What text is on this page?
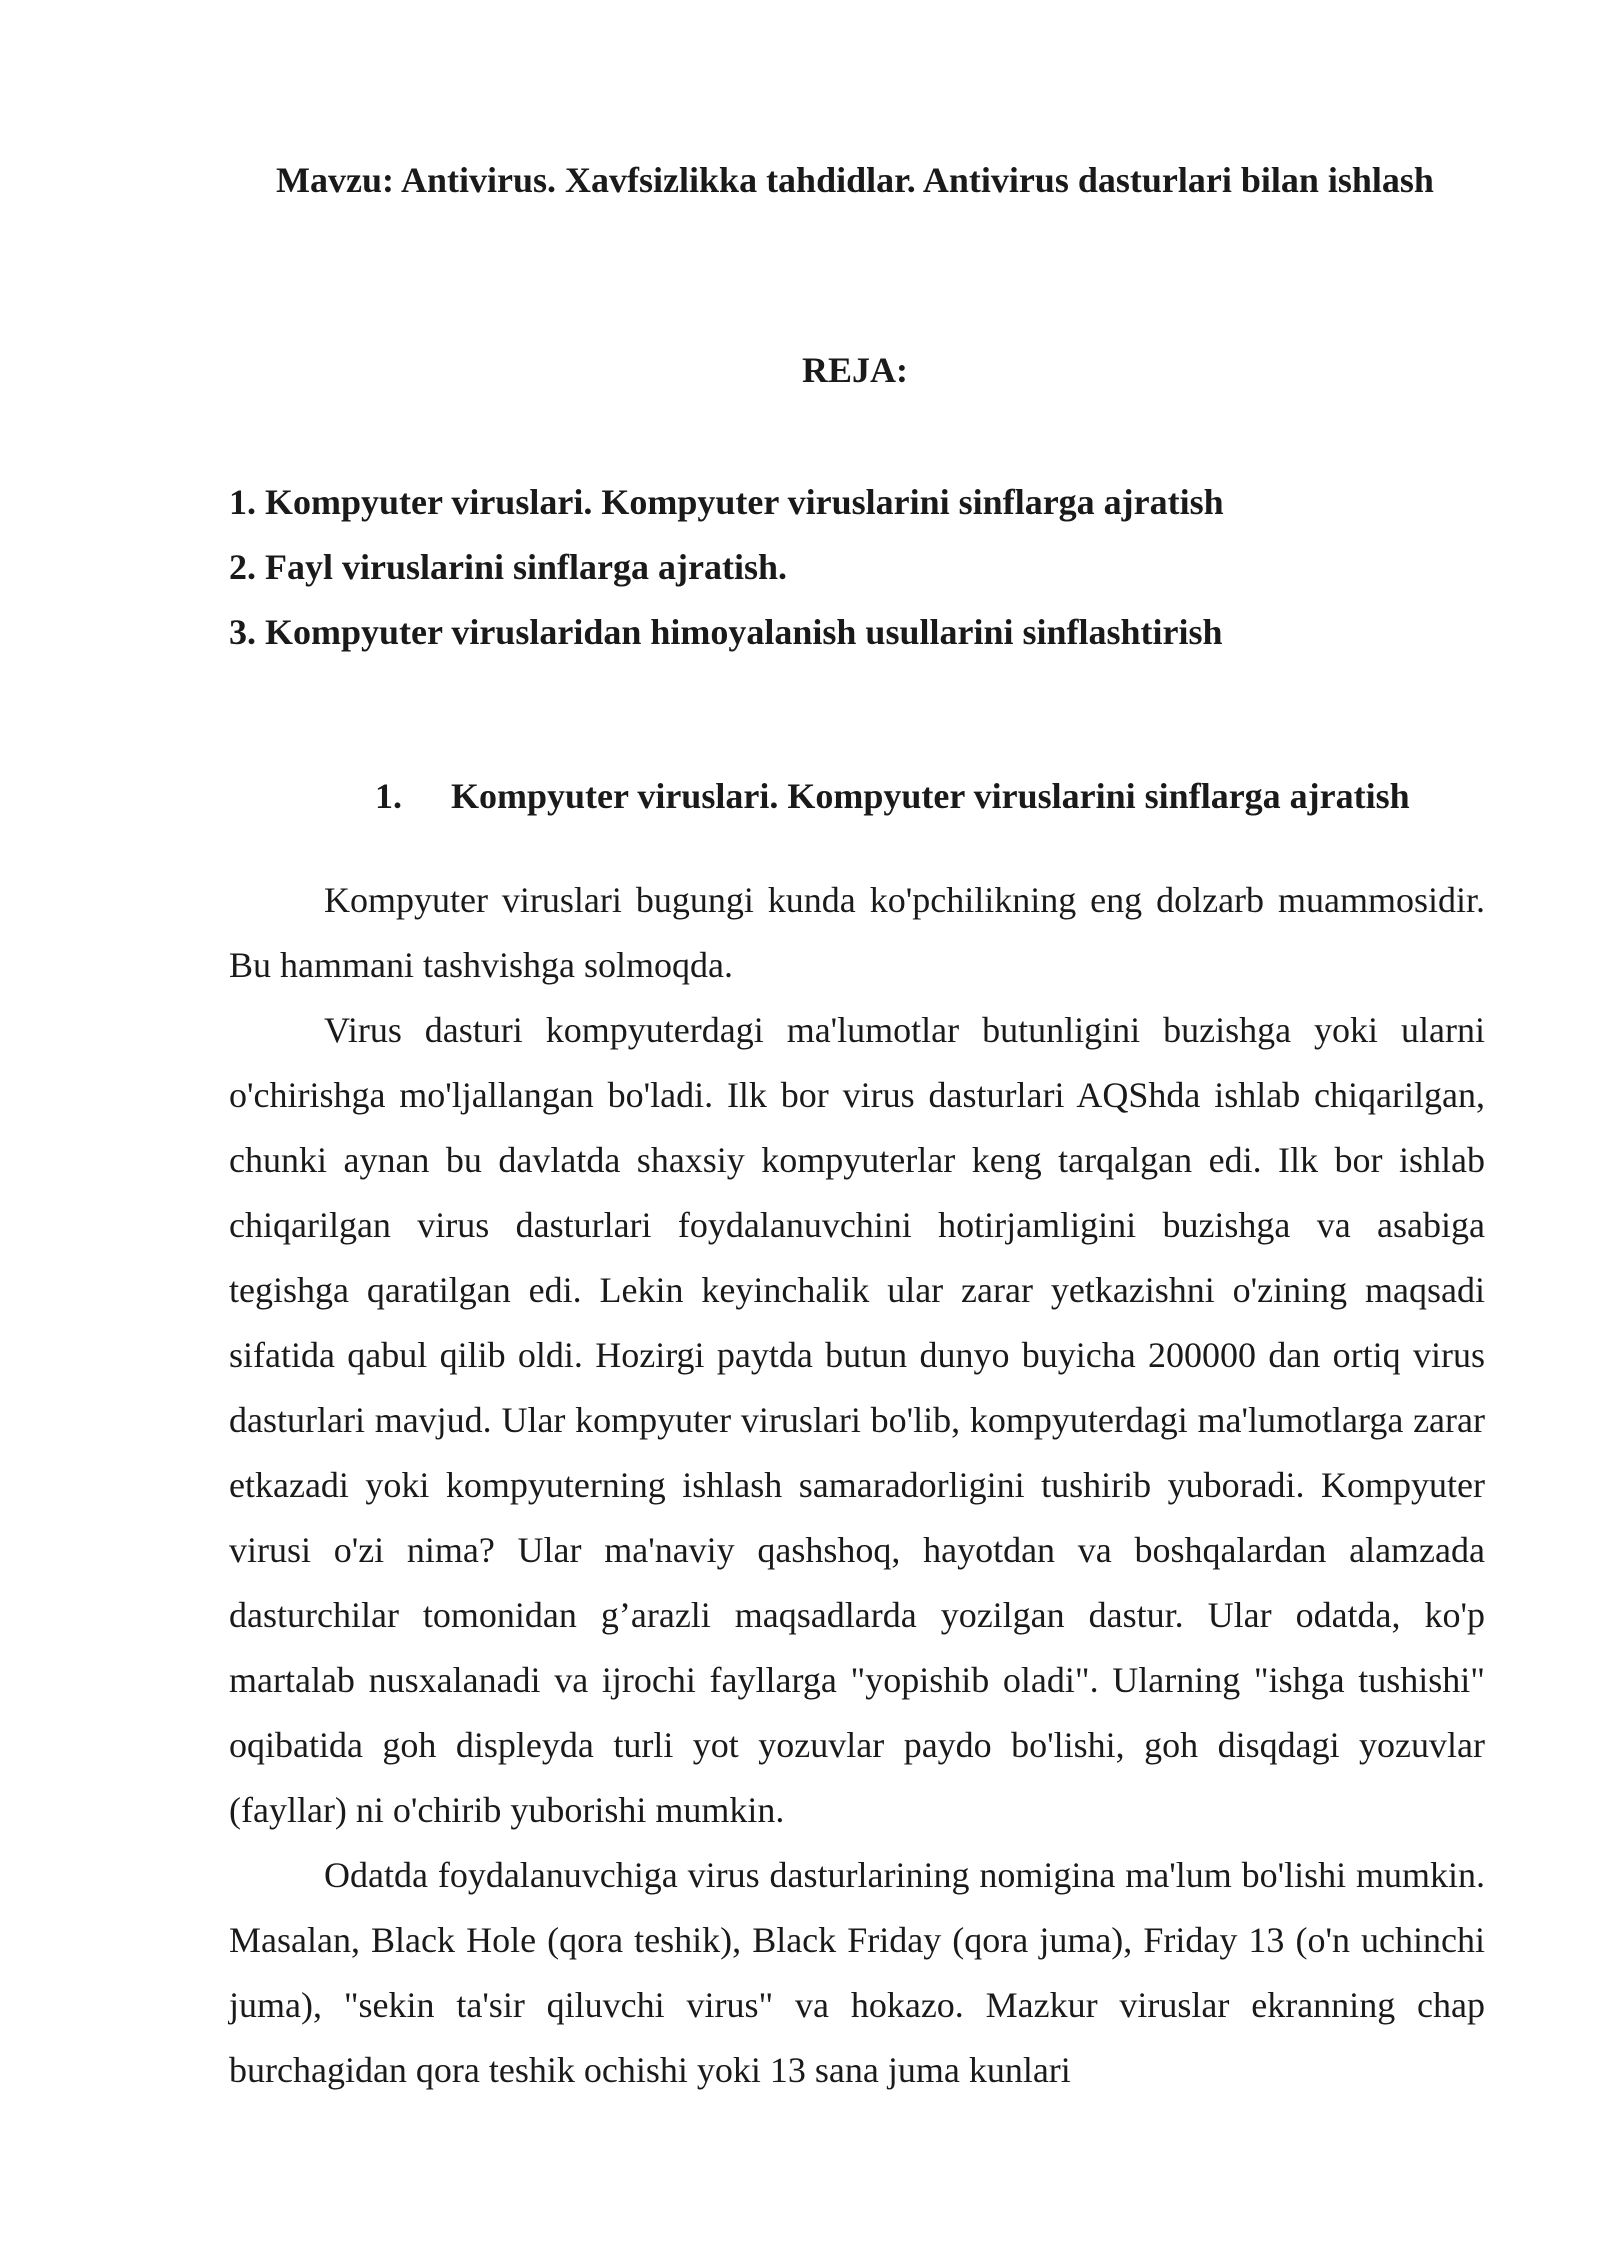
Mavzu: Antivirus. Xavfsizlikka tahdidlar. Antivirus dasturlari bilan ishlash
REJA:
1. Kompyuter viruslari. Kompyuter viruslarini sinflarga ajratish
2. Fayl viruslarini sinflarga ajratish.
3. Kompyuter viruslaridan himoyalanish usullarini sinflashtirish
1. Kompyuter viruslari. Kompyuter viruslarini sinflarga ajratish

Kompyuter viruslari bugungi kunda ko'pchilikning eng dolzarb muammosidir. Bu hammani tashvishga solmoqda.

Virus dasturi kompyuterdagi ma'lumotlar butunligini buzishga yoki ularni o'chirishga mo'ljallangan bo'ladi. Ilk bor virus dasturlari AQShda ishlab chiqarilgan, chunki aynan bu davlatda shaxsiy kompyuterlar keng tarqalgan edi. Ilk bor ishlab chiqarilgan virus dasturlari foydalanuvchini hotirjamligini buzishga va asabiga tegishga qaratilgan edi. Lekin keyinchalik ular zarar yetkazishni o'zining maqsadi sifatida qabul qilib oldi. Hozirgi paytda butun dunyo buyicha 200000 dan ortiq virus dasturlari mavjud. Ular kompyuter viruslari bo'lib, kompyuterdagi ma'lumotlarga zarar etkazadi yoki kompyuterning ishlash samaradorligini tushirib yuboradi. Kompyuter virusi o'zi nima? Ular ma'naviy qashshoq, hayotdan va boshqalardan alamzada dasturchilar tomonidan g’arazli maqsadlarda yozilgan dastur. Ular odatda, ko'p martalab nusxalanadi va ijrochi fayllarga "yopishib oladi". Ularning "ishga tushishi" oqibatida goh displeyda turli yot yozuvlar paydo bo'lishi, goh disqdagi yozuvlar (fayllar) ni o'chirib yuborishi mumkin.

Odatda foydalanuvchiga virus dasturlarining nomigina ma'lum bo'lishi mumkin. Masalan, Black Hole (qora teshik), Black Friday (qora juma), Friday 13 (o'n uchinchi juma), "sekin ta'sir qiluvchi virus" va hokazo. Mazkur viruslar ekranning chap burchagidan qora teshik ochishi yoki 13 sana juma kunlari
